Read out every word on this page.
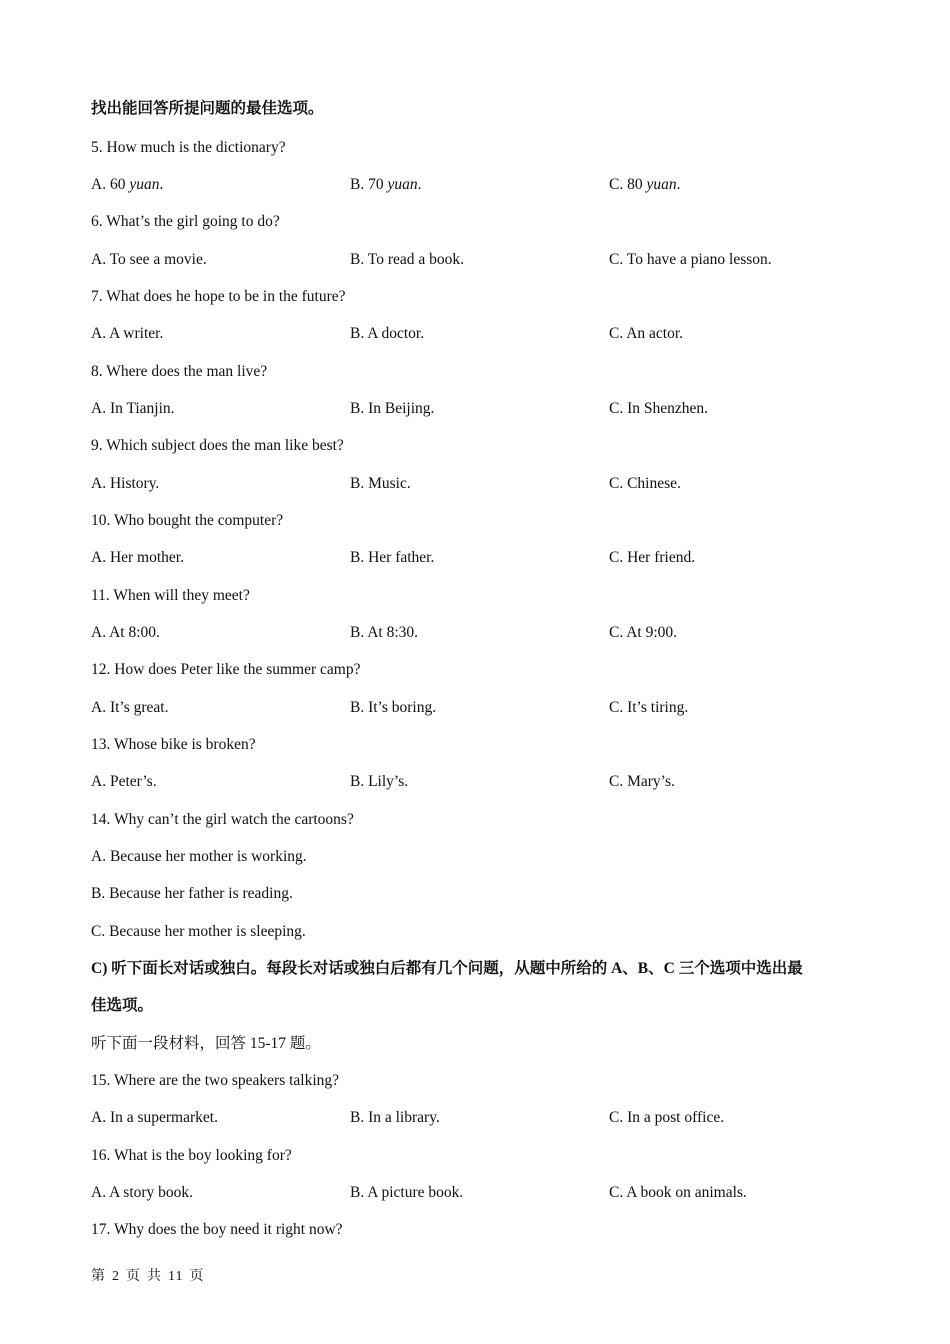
找出能回答所提问题的最佳选项。
5. How much is the dictionary?
A. 60 yuan.	B. 70 yuan.	C. 80 yuan.
6. What’s the girl going to do?
A. To see a movie.	B. To read a book.	C. To have a piano lesson.
7. What does he hope to be in the future?
A. A writer.	B. A doctor.	C. An actor.
8. Where does the man live?
A. In Tianjin.	B. In Beijing.	C. In Shenzhen.
9. Which subject does the man like best?
A. History.	B. Music.	C. Chinese.
10. Who bought the computer?
A. Her mother.	B. Her father.	C. Her friend.
11. When will they meet?
A. At 8:00.	B. At 8:30.	C. At 9:00.
12. How does Peter like the summer camp?
A. It’s great.	B. It’s boring.	C. It’s tiring.
13. Whose bike is broken?
A. Peter’s.	B. Lily’s.	C. Mary’s.
14. Why can’t the girl watch the cartoons?
A. Because her mother is working.
B. Because her father is reading.
C. Because her mother is sleeping.
C) 听下面长对话或独白。每段长对话或独白后都有几个问题，从题中所给的 A、B、C 三个选项中选出最
佳选项。
听下面一段材料，回答 15-17 题。
15. Where are the two speakers talking?
A. In a supermarket.	B. In a library.	C. In a post office.
16. What is the boy looking for?
A. A story book.	B. A picture book.	C. A book on animals.
17. Why does the boy need it right now?
第 2 页 共 11 页
